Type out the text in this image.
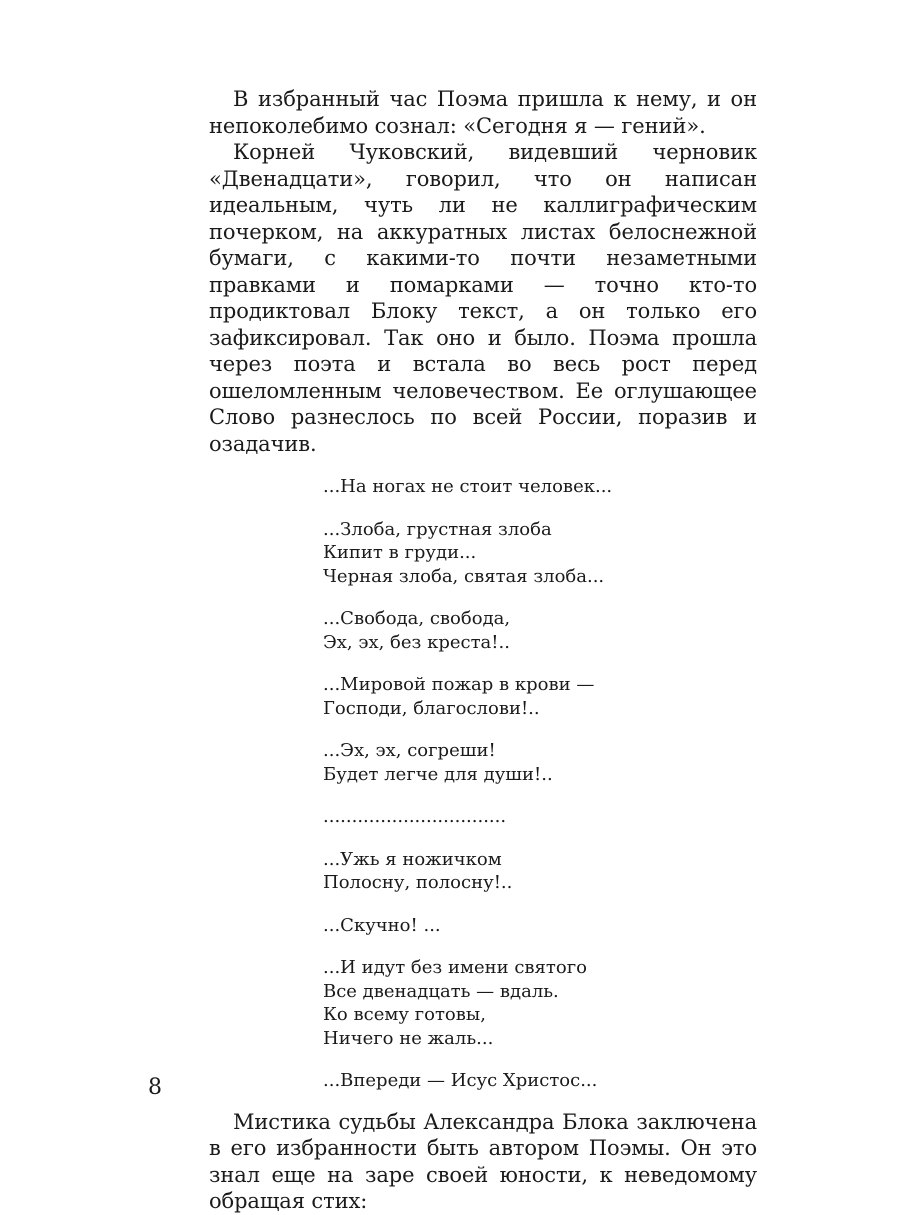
В избранный час Поэма пришла к нему, и он непоколебимо сознал: «Сегодня я — гений».

Корней Чуковский, видевший черновик «Двенадцати», говорил, что он написан идеальным, чуть ли не каллиграфическим почерком, на аккуратных листах белоснежной бумаги, с какими-то почти незаметными правками и помарками — точно кто-то продиктовал Блоку текст, а он только его зафиксировал. Так оно и было. Поэма прошла через поэта и встала во весь рост перед ошеломленным человечеством. Ее оглушающее Слово разнеслось по всей России, поразив и озадачив.

...На ногах не стоит человек...
...Злоба, грустная злоба
Кипит в груди...
Черная злоба, святая злоба...
...Свобода, свобода,
Эх, эх, без креста!..
...Мировой пожар в крови —
Господи, благослови!..
...Эх, эх, согреши!
Будет легче для души!..
................................
...Ужь я ножичком
Полосну, полосну!..
...Скучно! ...
...И идут без имени святого
Все двенадцать — вдаль.
Ко всему готовы,
Ничего не жаль...
...Впереди — Исус Христос...

Мистика судьбы Александра Блока заключена в его избранности быть автором Поэмы. Он это знал еще на заре своей юности, к неведомому обращая стих:

8
